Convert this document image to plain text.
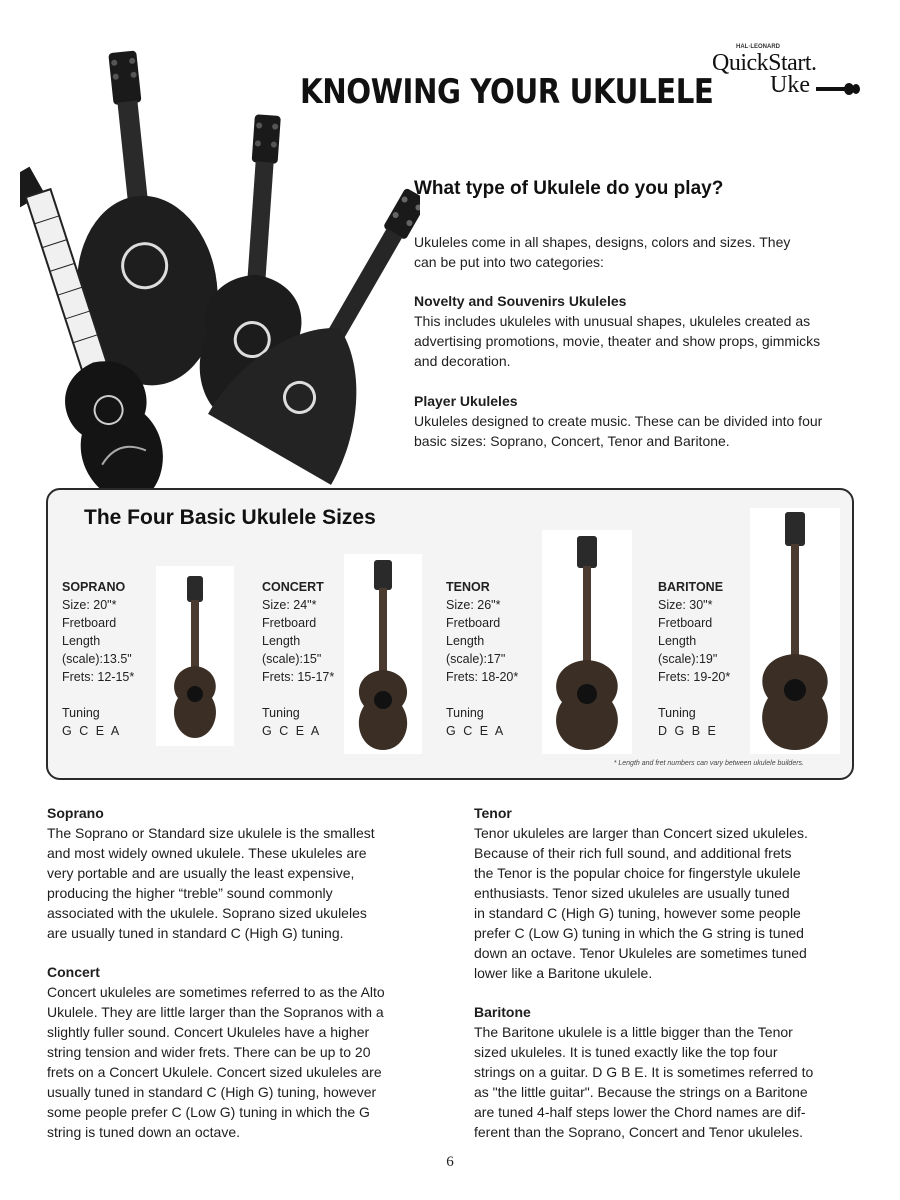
KNOWING YOUR UKULELE
HAL·LEONARD
QuickStart.
Uke
What type of Ukulele do you play?
Ukuleles come in all shapes, designs, colors and sizes. They can be put into two categories:
Novelty and Souvenirs Ukuleles
This includes ukuleles with unusual shapes, ukuleles created as advertising promotions, movie, theater and show props, gimmicks and decoration.
Player Ukuleles
Ukuleles designed to create music. These can be divided into four basic sizes: Soprano, Concert, Tenor and Baritone.
The Four Basic Ukulele Sizes
SOPRANO
Size: 20"*
Fretboard
Length
(scale):13.5"
Frets: 12-15*
Tuning
G C E A
CONCERT
Size: 24"*
Fretboard
Length
(scale):15"
Frets: 15-17*
Tuning
G C E A
TENOR
Size: 26"*
Fretboard
Length
(scale):17"
Frets: 18-20*
Tuning
G C E A
BARITONE
Size: 30"*
Fretboard
Length
(scale):19"
Frets: 19-20*
Tuning
D G B E
* Length and fret numbers can vary between ukulele builders.
Soprano
The Soprano or Standard size ukulele is the smallest
and most widely owned ukulele. These ukuleles are
very portable and are usually the least expensive,
producing the higher “treble” sound commonly
associated with the ukulele. Soprano sized ukuleles
are usually tuned in standard C (High G) tuning.
Concert
Concert ukuleles are sometimes referred to as the Alto
Ukulele. They are little larger than the Sopranos with a
slightly fuller sound. Concert Ukuleles have a higher
string tension and wider frets. There can be up to 20
frets on a Concert Ukulele. Concert sized ukuleles are
usually tuned in standard C (High G) tuning, however
some people prefer C (Low G) tuning in which the G
string is tuned down an octave.
Tenor
Tenor ukuleles are larger than Concert sized ukuleles.
Because of their rich full sound, and additional frets
the Tenor is the popular choice for fingerstyle ukulele
enthusiasts. Tenor sized ukuleles are usually tuned
in standard C (High G) tuning, however some people
prefer C (Low G) tuning in which the G string is tuned
down an octave. Tenor Ukuleles are sometimes tuned
lower like a Baritone ukulele.
Baritone
The Baritone ukulele is a little bigger than the Tenor
sized ukuleles. It is tuned exactly like the top four
strings on a guitar. D G B E. It is sometimes referred to
as "the little guitar". Because the strings on a Baritone
are tuned 4-half steps lower the Chord names are dif-
ferent than the Soprano, Concert and Tenor ukuleles.
6
